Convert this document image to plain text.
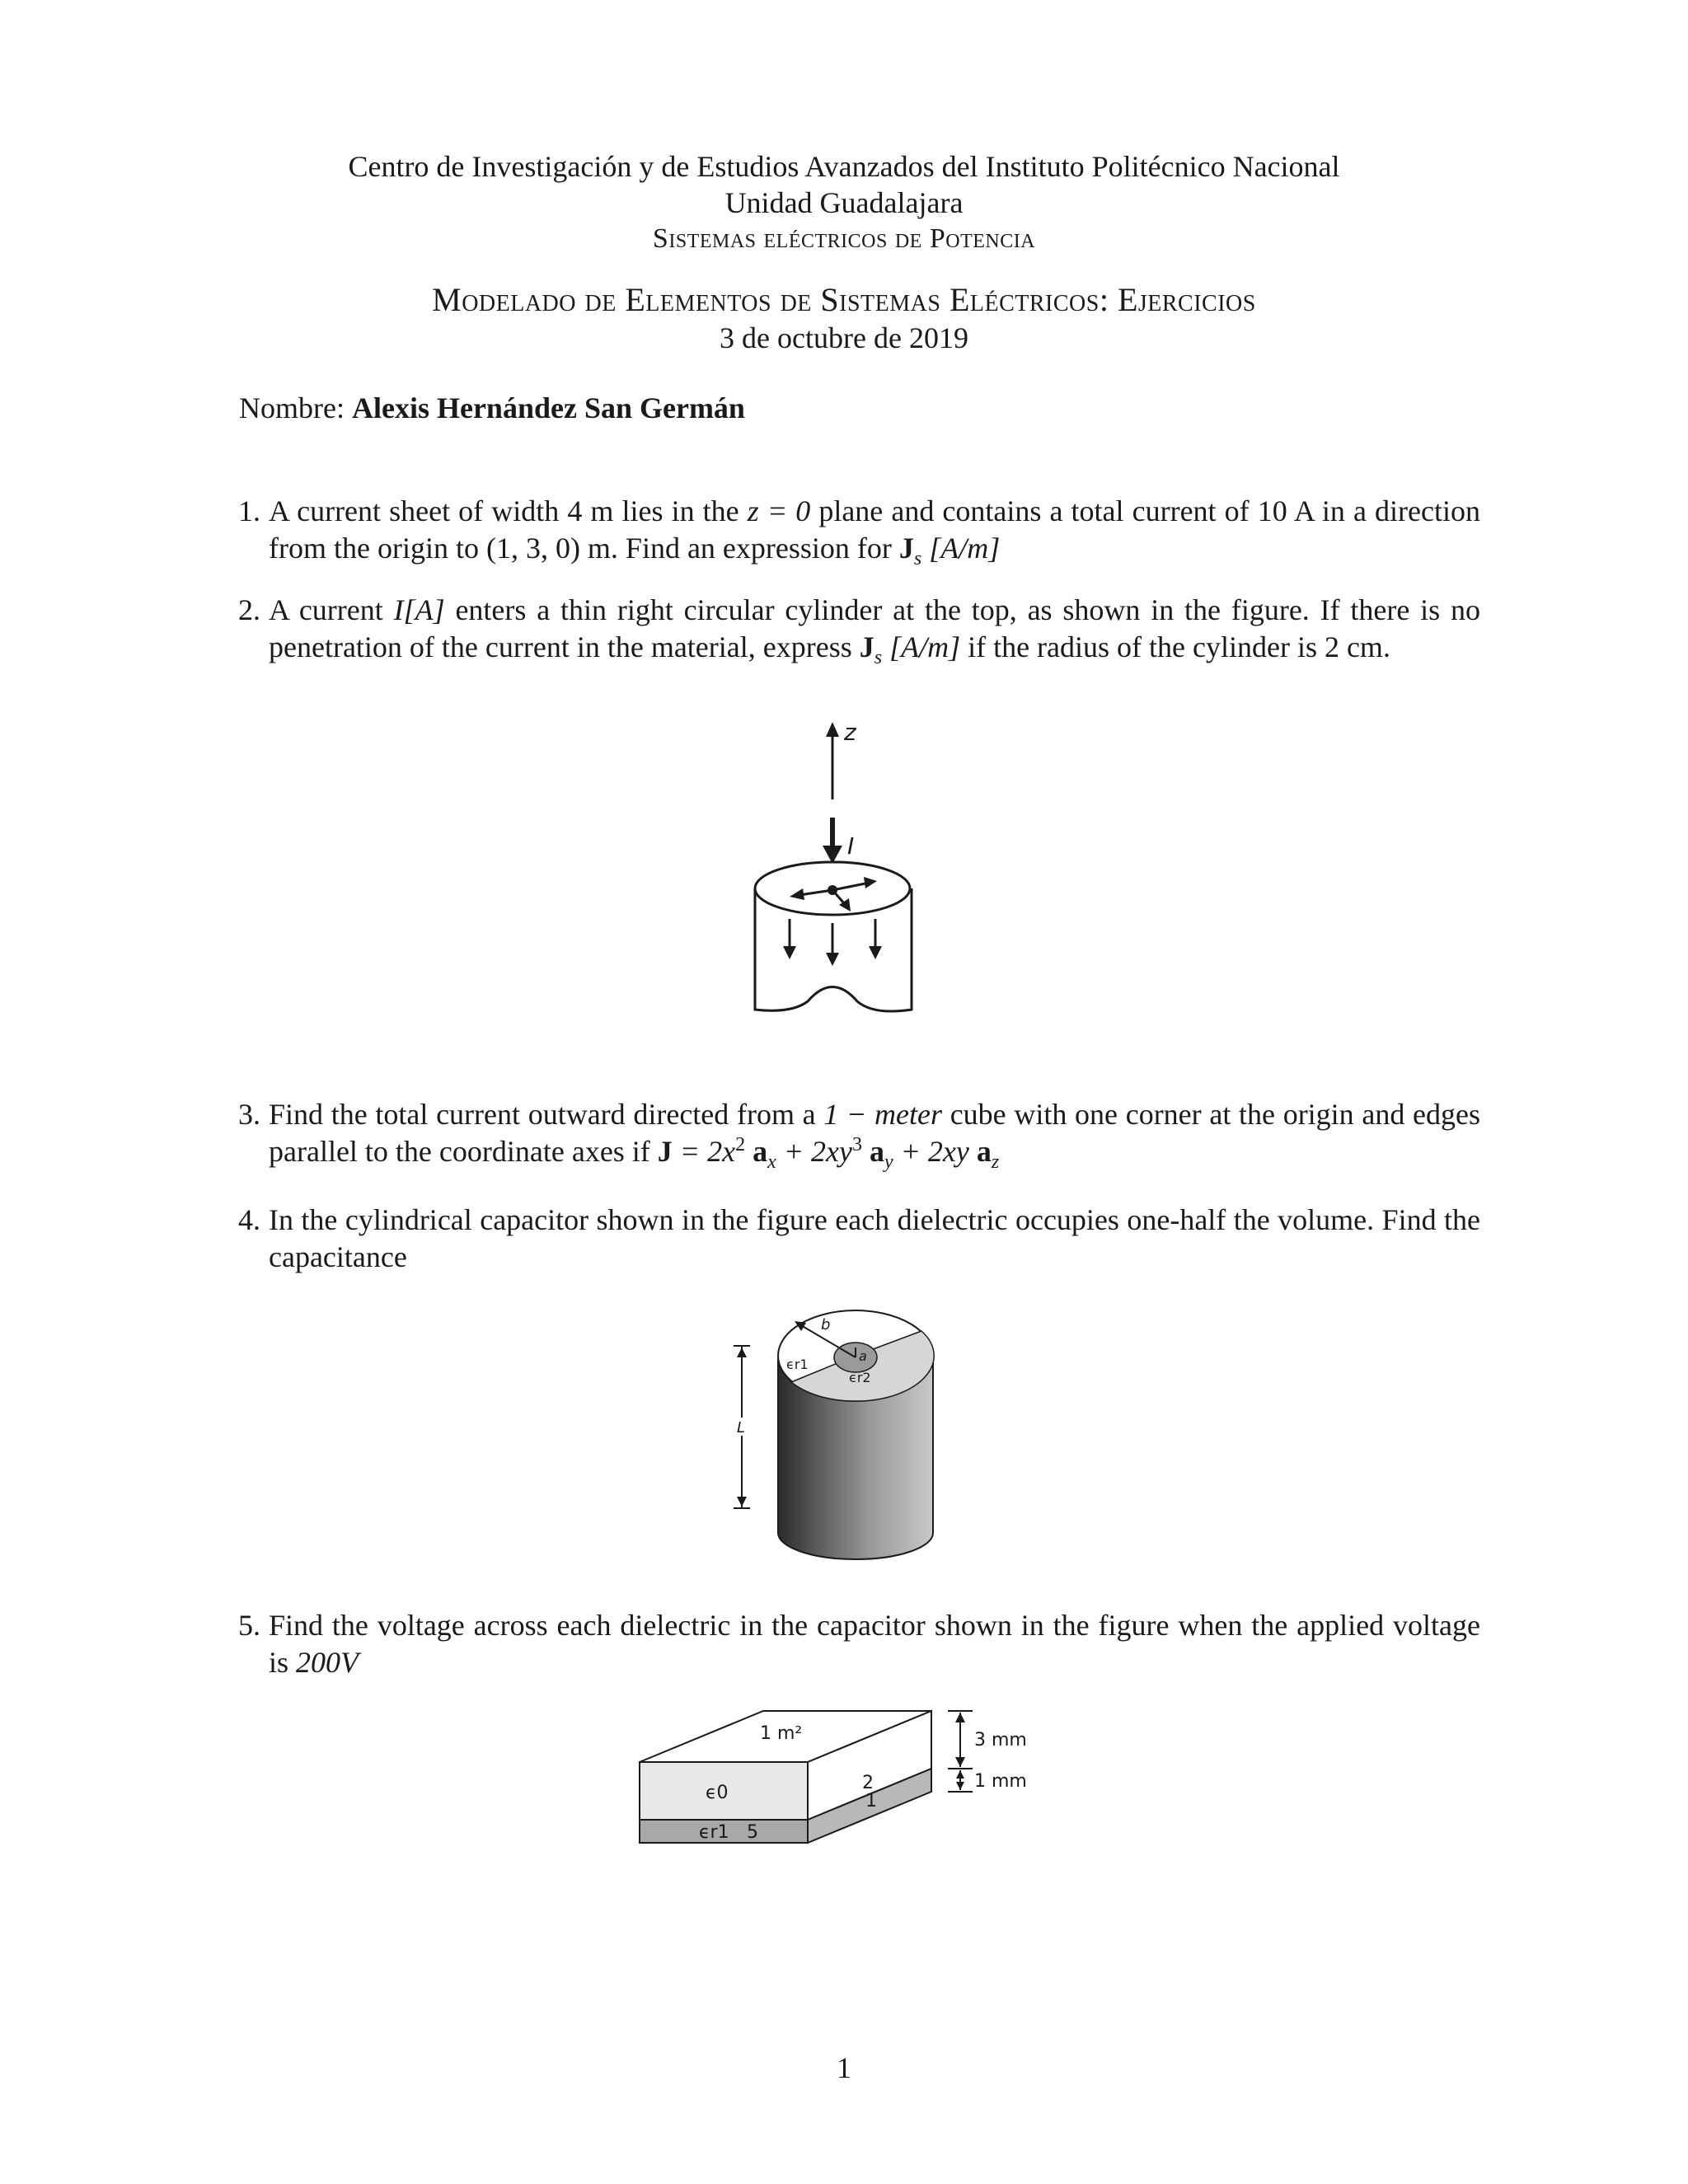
Centro de Investigación y de Estudios Avanzados del Instituto Politécnico Nacional
Unidad Guadalajara
Sistemas eléctricos de Potencia
Modelado de Elementos de Sistemas Eléctricos: Ejercicios
3 de octubre de 2019
Nombre: Alexis Hernández San Germán
1. A current sheet of width 4 m lies in the z = 0 plane and contains a total current of 10 A in a direction from the origin to (1, 3, 0) m. Find an expression for $J_s$ [A/m]
2. A current I[A] enters a thin right circular cylinder at the top, as shown in the figure. If there is no penetration of the current in the material, express $J_s$ [A/m] if the radius of the cylinder is 2 cm.
z
I
3. Find the total current outward directed from a 1 − meter cube with one corner at the origin and edges parallel to the coordinate axes if $J = 2x^2$ $a_x + 2xy^3$ $a_y + 2xy$ $a_z$
4. In the cylindrical capacitor shown in the figure each dielectric occupies one-half the volume. Find the capacitance
b
a
ϵr1
ϵr2
L
5. Find the voltage across each dielectric in the capacitor shown in the figure when the applied voltage is 200V
1 m²
2
1
ϵ0
ϵr1 5
3 mm
1 mm
1
